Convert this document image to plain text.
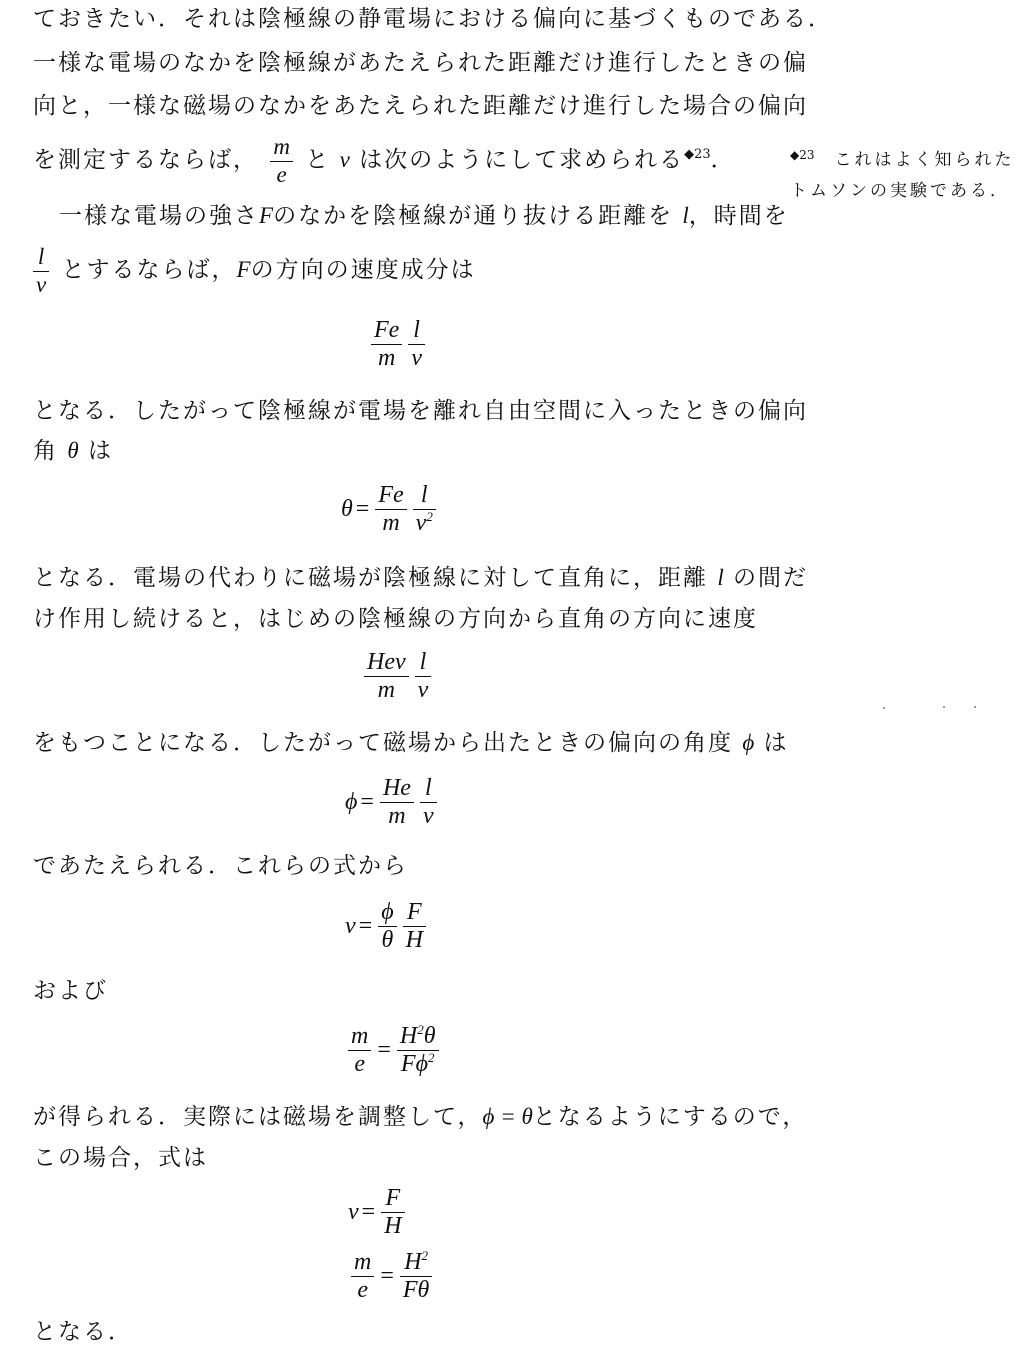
ておきたい．それは陰極線の静電場における偏向に基づくものである．
一様な電場のなかを陰極線があたえられた距離だけ進行したときの偏
向と，一様な磁場のなかをあたえられた距離だけ進行した場合の偏向
を測定するならば， $\frac{m}{e}$ と v は次のようにして求められる$^{◆23}$．
一様な電場の強さFのなかを陰極線が通り抜ける距離を l，時間を
$\frac{l}{v}$ とするならば，Fの方向の速度成分は
$\frac{Fe}{m} \frac{l}{v}$
となる．したがって陰極線が電場を離れ自由空間に入ったときの偏向
角 θ は
$\theta = \frac{Fe}{m} \frac{l}{v^2}$
となる．電場の代わりに磁場が陰極線に対して直角に，距離 l の間だ
け作用し続けると，はじめの陰極線の方向から直角の方向に速度
$\frac{\text{Hev}}{m} \frac{l}{v}$
をもつことになる．したがって磁場から出たときの偏向の角度 ϕ は
$\phi = \frac{He}{m} \frac{l}{v}$
であたえられる．これらの式から
$v = \frac{\phi}{\theta} \frac{F}{H}$
および
$\frac{m}{e} = \frac{H^2\theta}{F\phi^2}$
が得られる．実際には磁場を調整して，ϕ = θとなるようにするので，
この場合，式は
$v = \frac{F}{H}$
$\frac{m}{e} = \frac{H^2}{F\theta}$
となる．
$^{◆23}$　これはよく知られたトムソンの実験である．
